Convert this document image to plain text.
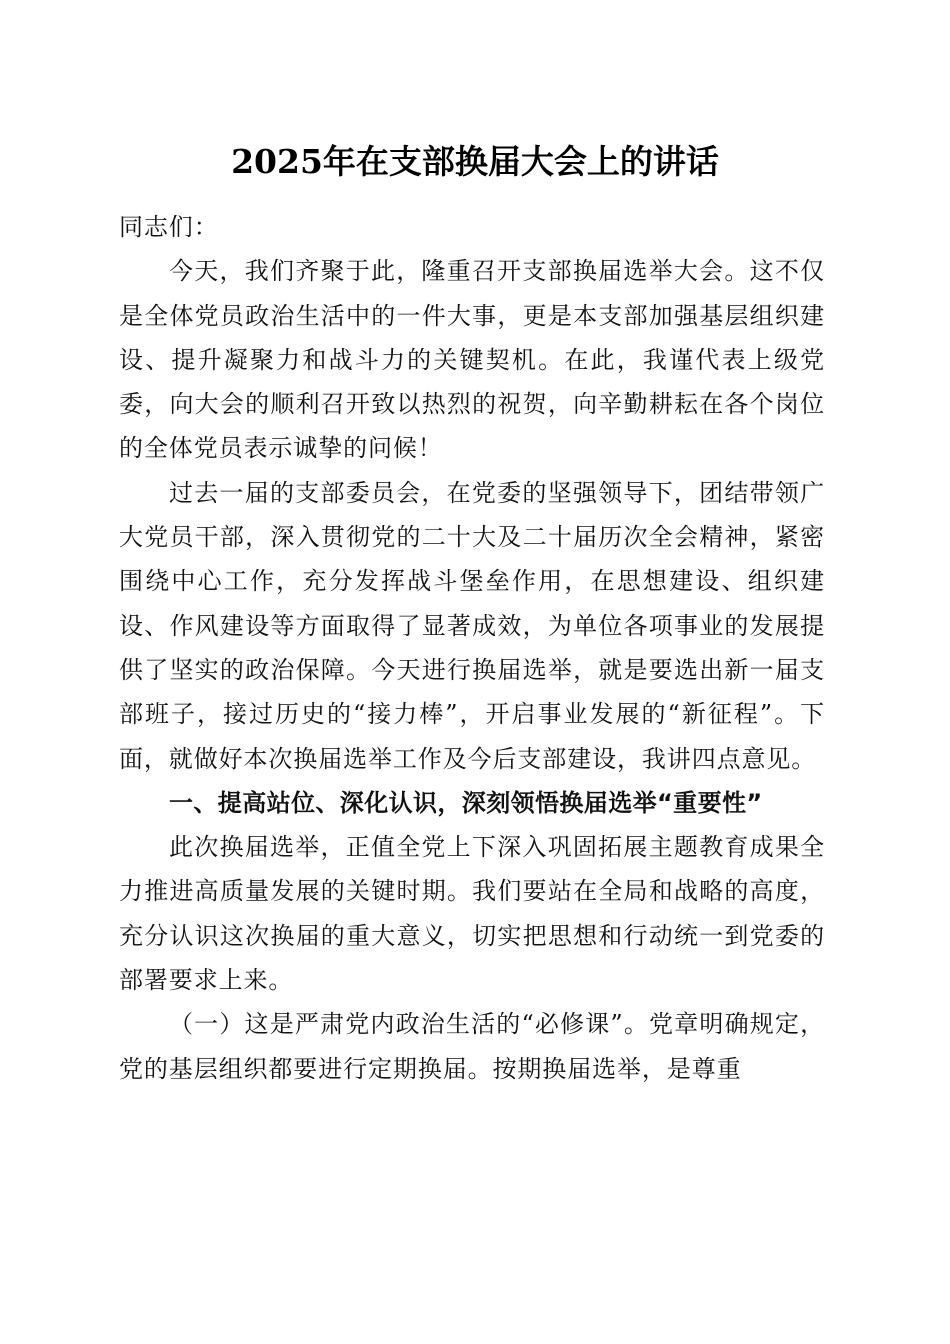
2025年在支部换届大会上的讲话

同志们：

今天，我们齐聚于此，隆重召开支部换届选举大会。这不仅是全体党员政治生活中的一件大事，更是本支部加强基层组织建设、提升凝聚力和战斗力的关键契机。在此，我谨代表上级党委，向大会的顺利召开致以热烈的祝贺，向辛勤耕耘在各个岗位的全体党员表示诚挚的问候！

过去一届的支部委员会，在党委的坚强领导下，团结带领广大党员干部，深入贯彻党的二十大及二十届历次全会精神，紧密围绕中心工作，充分发挥战斗堡垒作用，在思想建设、组织建设、作风建设等方面取得了显著成效，为单位各项事业的发展提供了坚实的政治保障。今天进行换届选举，就是要选出新一届支部班子，接过历史的“接力棒”，开启事业发展的“新征程”。下面，就做好本次换届选举工作及今后支部建设，我讲四点意见。

一、提高站位、深化认识，深刻领悟换届选举“重要性”

此次换届选举，正值全党上下深入巩固拓展主题教育成果全力推进高质量发展的关键时期。我们要站在全局和战略的高度，充分认识这次换届的重大意义，切实把思想和行动统一到党委的部署要求上来。

（一）这是严肃党内政治生活的“必修课”。党章明确规定，党的基层组织都要进行定期换届。按期换届选举，是尊重
